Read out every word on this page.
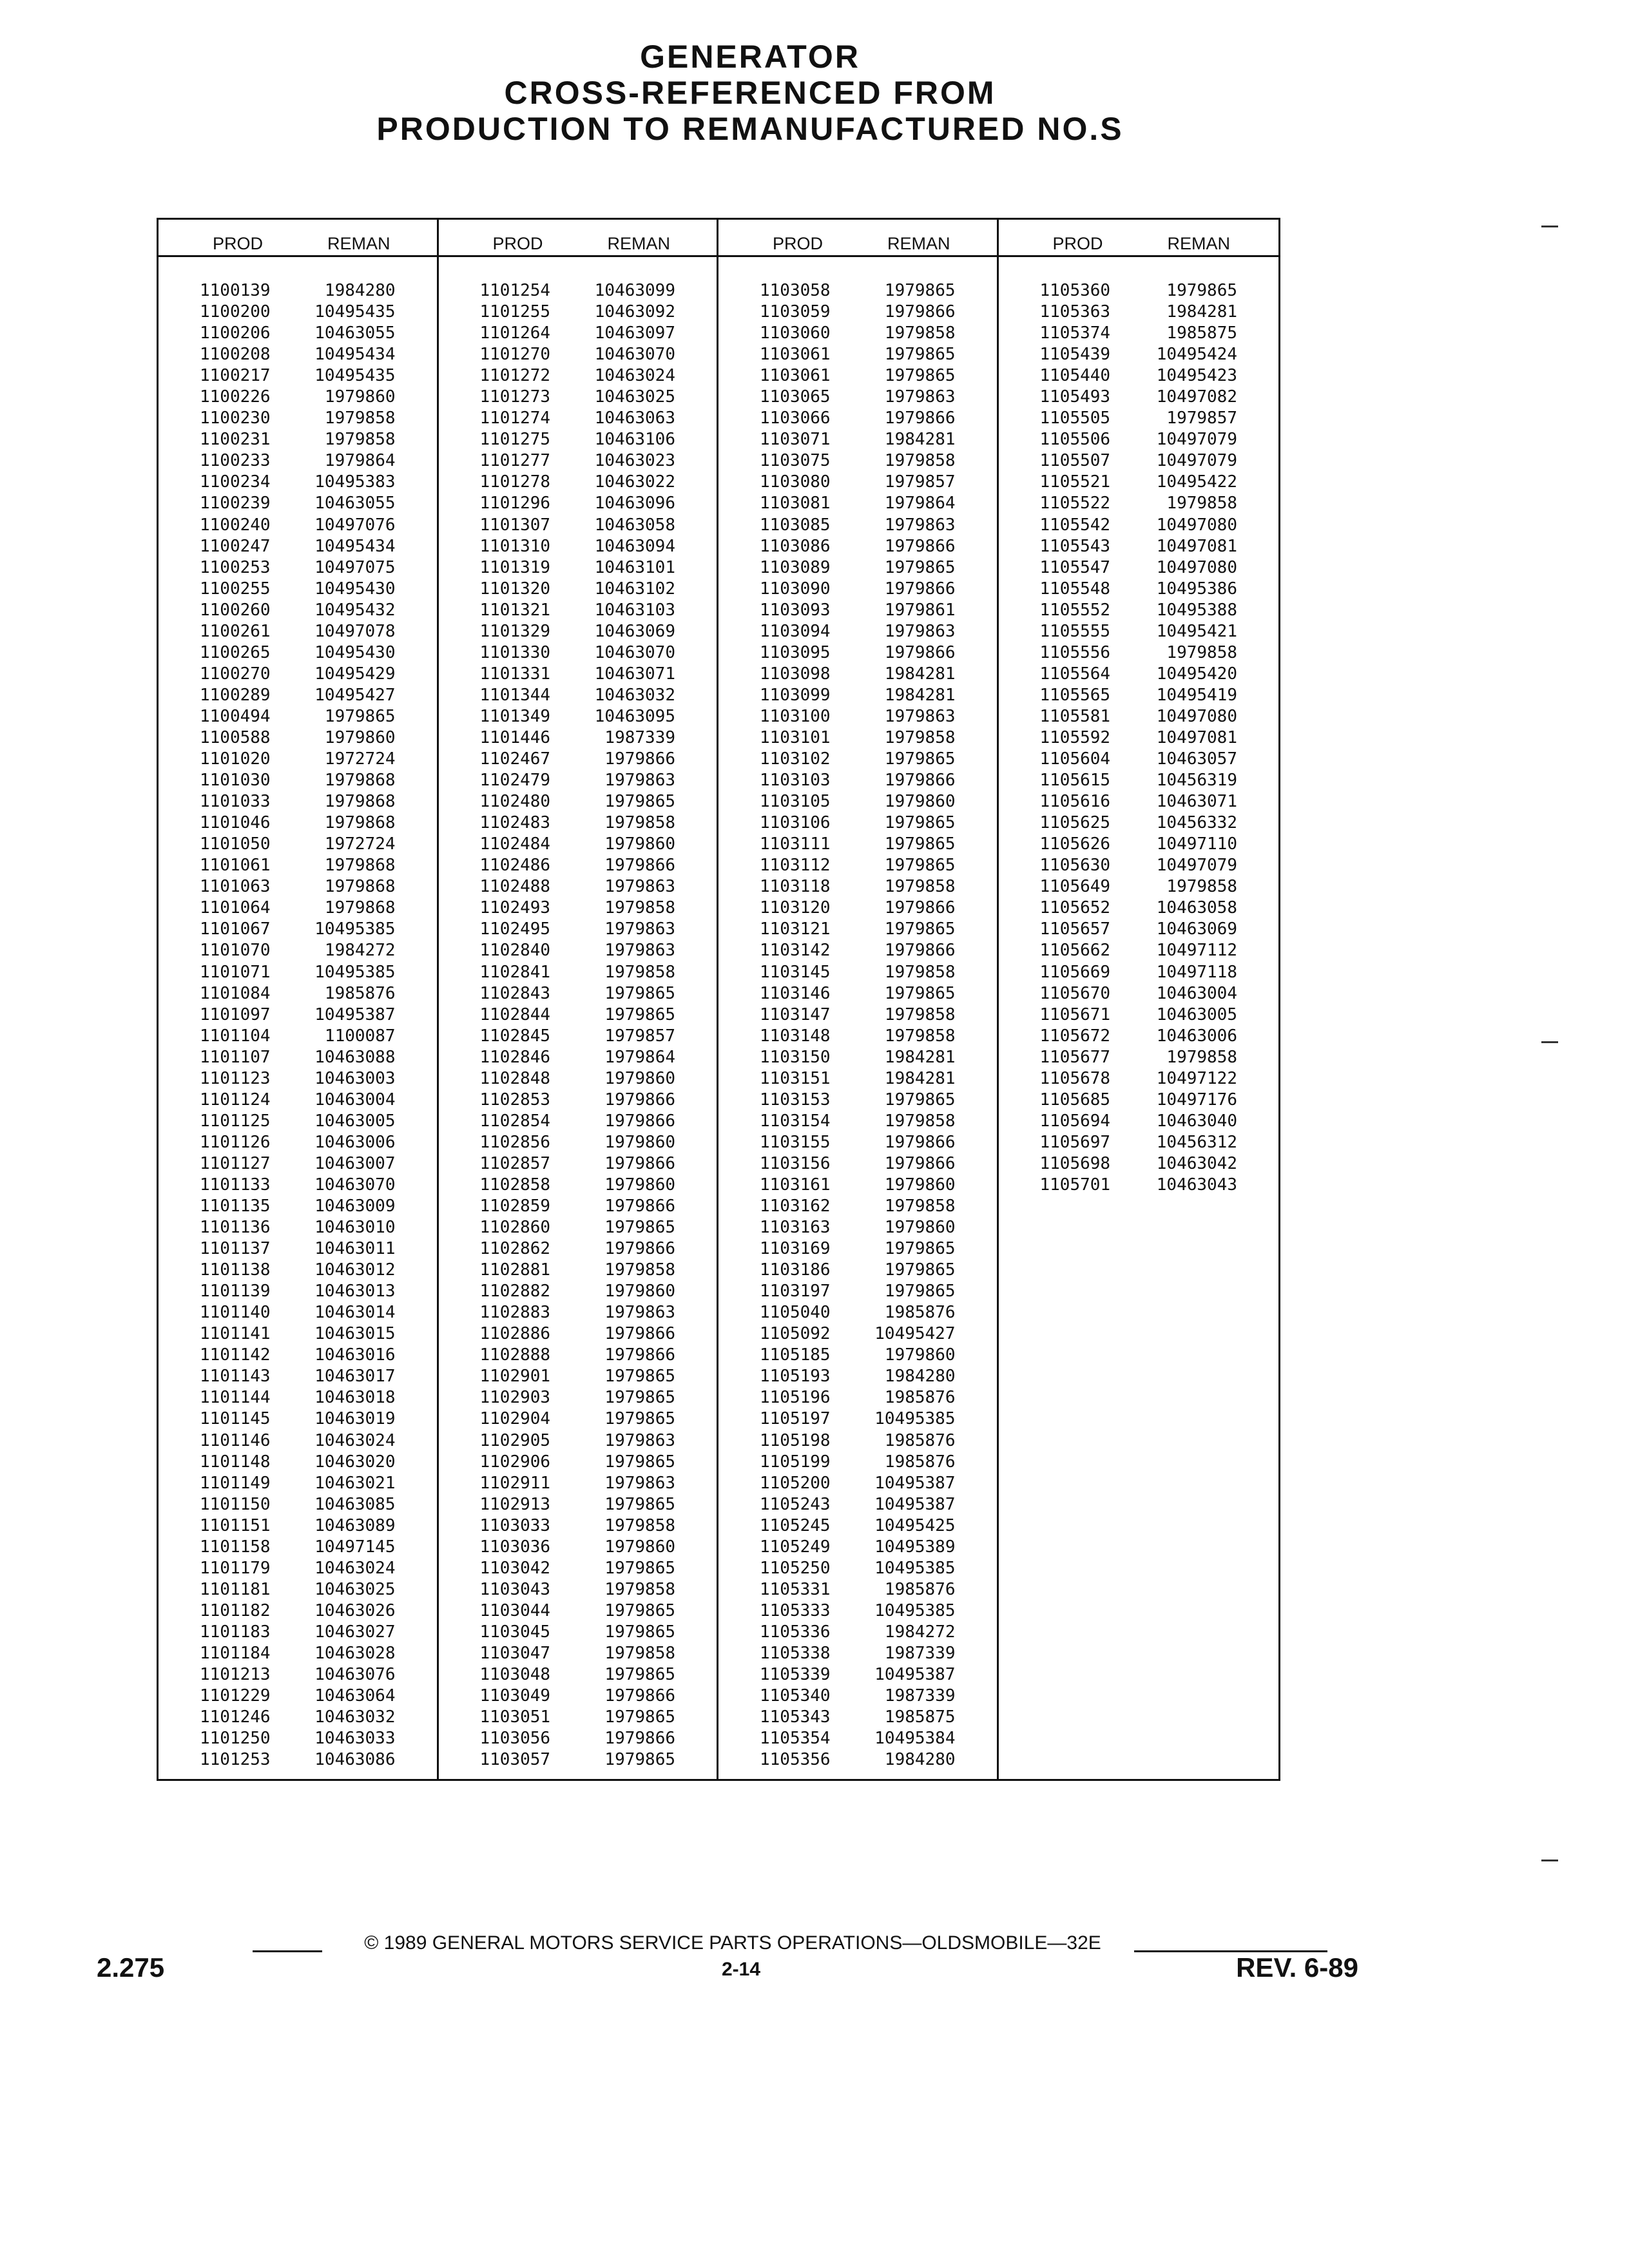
GENERATOR
CROSS-REFERENCED FROM
PRODUCTION TO REMANUFACTURED NO.S
PROD	REMAN
1100139	1984280
1100200	10495435
1100206	10463055
1100208	10495434
1100217	10495435
1100226	1979860
1100230	1979858
1100231	1979858
1100233	1979864
1100234	10495383
1100239	10463055
1100240	10497076
1100247	10495434
1100253	10497075
1100255	10495430
1100260	10495432
1100261	10497078
1100265	10495430
1100270	10495429
1100289	10495427
1100494	1979865
1100588	1979860
1101020	1972724
1101030	1979868
1101033	1979868
1101046	1979868
1101050	1972724
1101061	1979868
1101063	1979868
1101064	1979868
1101067	10495385
1101070	1984272
1101071	10495385
1101084	1985876
1101097	10495387
1101104	1100087
1101107	10463088
1101123	10463003
1101124	10463004
1101125	10463005
1101126	10463006
1101127	10463007
1101133	10463070
1101135	10463009
1101136	10463010
1101137	10463011
1101138	10463012
1101139	10463013
1101140	10463014
1101141	10463015
1101142	10463016
1101143	10463017
1101144	10463018
1101145	10463019
1101146	10463024
1101148	10463020
1101149	10463021
1101150	10463085
1101151	10463089
1101158	10497145
1101179	10463024
1101181	10463025
1101182	10463026
1101183	10463027
1101184	10463028
1101213	10463076
1101229	10463064
1101246	10463032
1101250	10463033
1101253	10463086
PROD	REMAN
1101254	10463099
1101255	10463092
1101264	10463097
1101270	10463070
1101272	10463024
1101273	10463025
1101274	10463063
1101275	10463106
1101277	10463023
1101278	10463022
1101296	10463096
1101307	10463058
1101310	10463094
1101319	10463101
1101320	10463102
1101321	10463103
1101329	10463069
1101330	10463070
1101331	10463071
1101344	10463032
1101349	10463095
1101446	1987339
1102467	1979866
1102479	1979863
1102480	1979865
1102483	1979858
1102484	1979860
1102486	1979866
1102488	1979863
1102493	1979858
1102495	1979863
1102840	1979863
1102841	1979858
1102843	1979865
1102844	1979865
1102845	1979857
1102846	1979864
1102848	1979860
1102853	1979866
1102854	1979866
1102856	1979860
1102857	1979866
1102858	1979860
1102859	1979866
1102860	1979865
1102862	1979866
1102881	1979858
1102882	1979860
1102883	1979863
1102886	1979866
1102888	1979866
1102901	1979865
1102903	1979865
1102904	1979865
1102905	1979863
1102906	1979865
1102911	1979863
1102913	1979865
1103033	1979858
1103036	1979860
1103042	1979865
1103043	1979858
1103044	1979865
1103045	1979865
1103047	1979858
1103048	1979865
1103049	1979866
1103051	1979865
1103056	1979866
1103057	1979865
PROD	REMAN
1103058	1979865
1103059	1979866
1103060	1979858
1103061	1979865
1103061	1979865
1103065	1979863
1103066	1979866
1103071	1984281
1103075	1979858
1103080	1979857
1103081	1979864
1103085	1979863
1103086	1979866
1103089	1979865
1103090	1979866
1103093	1979861
1103094	1979863
1103095	1979866
1103098	1984281
1103099	1984281
1103100	1979863
1103101	1979858
1103102	1979865
1103103	1979866
1103105	1979860
1103106	1979865
1103111	1979865
1103112	1979865
1103118	1979858
1103120	1979866
1103121	1979865
1103142	1979866
1103145	1979858
1103146	1979865
1103147	1979858
1103148	1979858
1103150	1984281
1103151	1984281
1103153	1979865
1103154	1979858
1103155	1979866
1103156	1979866
1103161	1979860
1103162	1979858
1103163	1979860
1103169	1979865
1103186	1979865
1103197	1979865
1105040	1985876
1105092	10495427
1105185	1979860
1105193	1984280
1105196	1985876
1105197	10495385
1105198	1985876
1105199	1985876
1105200	10495387
1105243	10495387
1105245	10495425
1105249	10495389
1105250	10495385
1105331	1985876
1105333	10495385
1105336	1984272
1105338	1987339
1105339	10495387
1105340	1987339
1105343	1985875
1105354	10495384
1105356	1984280
PROD	REMAN
1105360	1979865
1105363	1984281
1105374	1985875
1105439	10495424
1105440	10495423
1105493	10497082
1105505	1979857
1105506	10497079
1105507	10497079
1105521	10495422
1105522	1979858
1105542	10497080
1105543	10497081
1105547	10497080
1105548	10495386
1105552	10495388
1105555	10495421
1105556	1979858
1105564	10495420
1105565	10495419
1105581	10497080
1105592	10497081
1105604	10463057
1105615	10456319
1105616	10463071
1105625	10456332
1105626	10497110
1105630	10497079
1105649	1979858
1105652	10463058
1105657	10463069
1105662	10497112
1105669	10497118
1105670	10463004
1105671	10463005
1105672	10463006
1105677	1979858
1105678	10497122
1105685	10497176
1105694	10463040
1105697	10456312
1105698	10463042
1105701	10463043
© 1989 GENERAL MOTORS SERVICE PARTS OPERATIONS—OLDSMOBILE—32E
2.275	2-14	REV. 6-89
